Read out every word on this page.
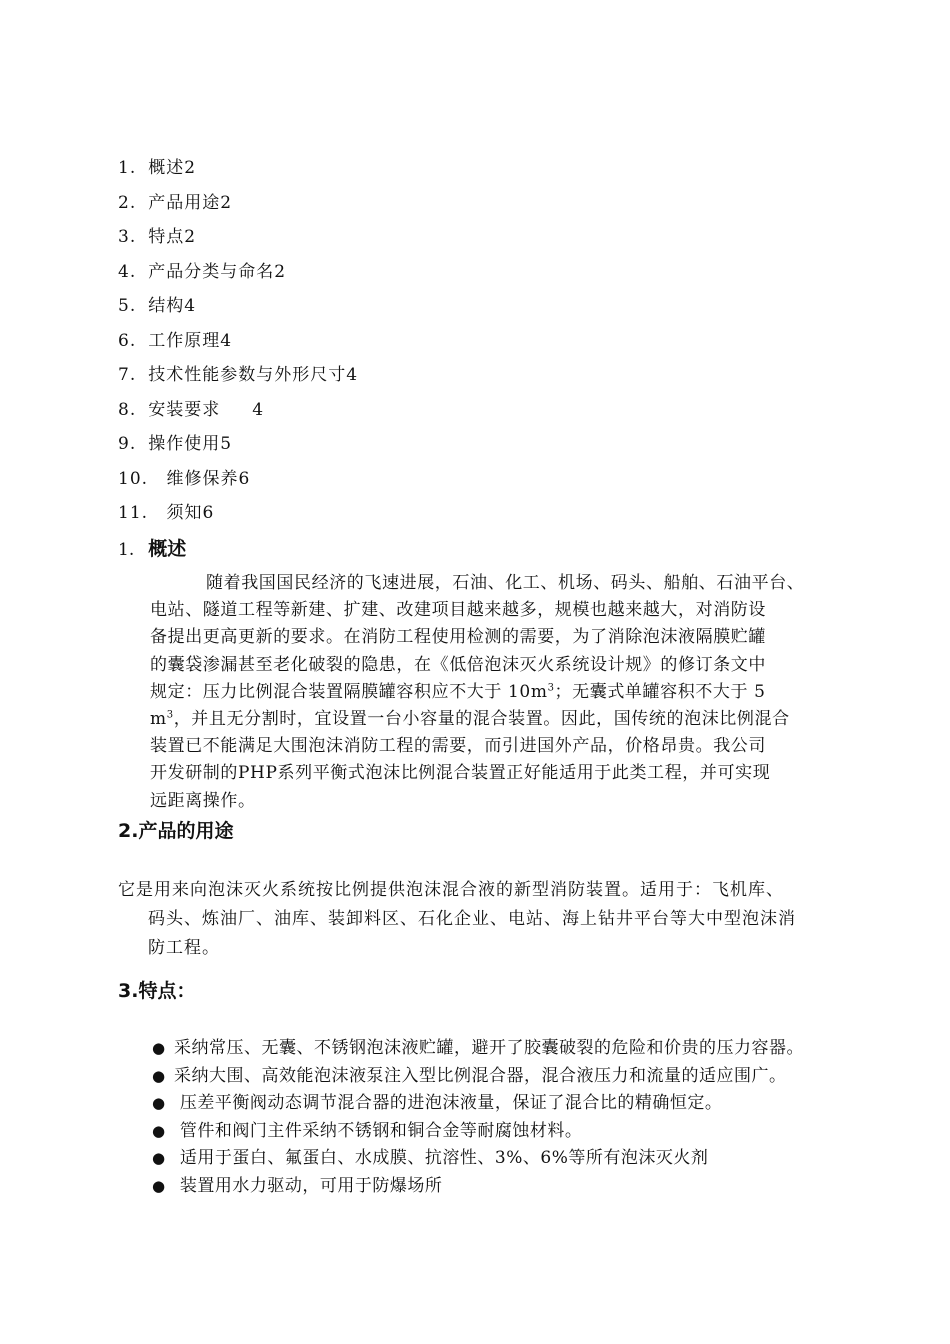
1. 概述2
2. 产品用途2
3. 特点2
4. 产品分类与命名2
5. 结构4
6. 工作原理4
7. 技术性能参数与外形尺寸4
8. 安装要求     4
9. 操作使用5
10. 维修保养6
11. 须知6
1. 概述
随着我国国民经济的飞速进展，石油、化工、机场、码头、船舶、石油平台、
电站、隧道工程等新建、扩建、改建项目越来越多，规模也越来越大，对消防设
备提出更高更新的要求。在消防工程使用检测的需要，为了消除泡沫液隔膜贮罐
的囊袋渗漏甚至老化破裂的隐患，在《低倍泡沫灭火系统设计规》的修订条文中
规定：压力比例混合装置隔膜罐容积应不大于 $10m^3$；无囊式单罐容积不大于 5
$m^3$，并且无分割时，宜设置一台小容量的混合装置。因此，国传统的泡沫比例混合
装置已不能满足大围泡沫消防工程的需要，而引进国外产品，价格昂贵。我公司
开发研制的PHP系列平衡式泡沫比例混合装置正好能适用于此类工程，并可实现
远距离操作。
2.产品的用途
它是用来向泡沫灭火系统按比例提供泡沫混合液的新型消防装置。适用于：飞机库、
码头、炼油厂、油库、装卸料区、石化企业、电站、海上钻井平台等大中型泡沫消
防工程。
3.特点：
● 采纳常压、无囊、不锈钢泡沫液贮罐，避开了胶囊破裂的危险和价贵的压力容器。
● 采纳大围、高效能泡沫液泵注入型比例混合器，混合液压力和流量的适应围广。
● 压差平衡阀动态调节混合器的进泡沫液量，保证了混合比的精确恒定。
● 管件和阀门主件采纳不锈钢和铜合金等耐腐蚀材料。
● 适用于蛋白、氟蛋白、水成膜、抗溶性、3%、6%等所有泡沫灭火剂
● 装置用水力驱动，可用于防爆场所
